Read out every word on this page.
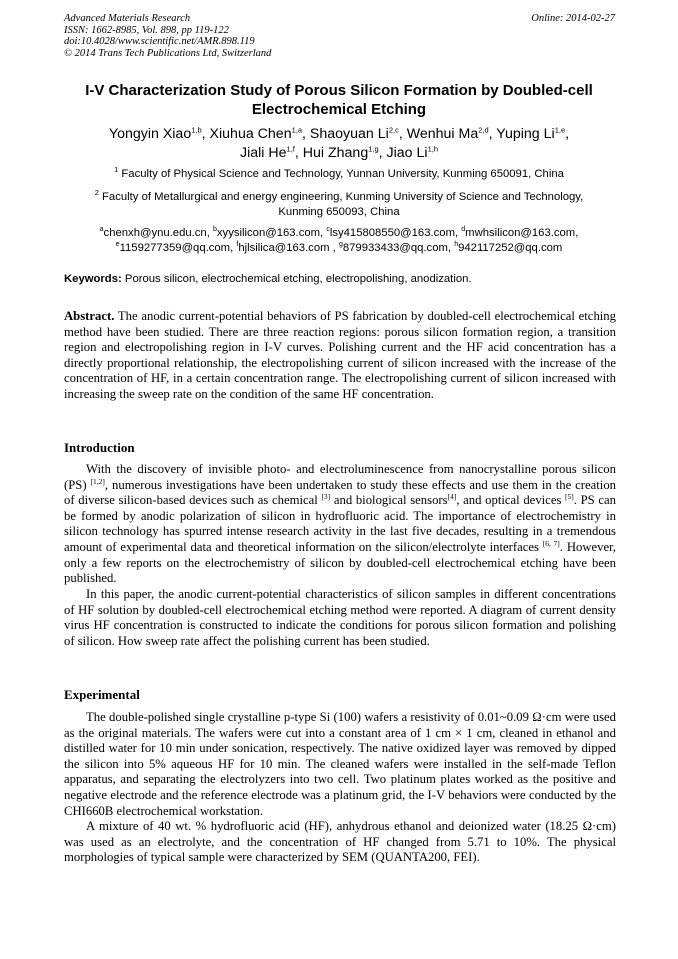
Advanced Materials Research
ISSN: 1662-8985, Vol. 898, pp 119-122
doi:10.4028/www.scientific.net/AMR.898.119
© 2014 Trans Tech Publications Ltd, Switzerland
Online: 2014-02-27
I-V Characterization Study of Porous Silicon Formation by Doubled-cell
Electrochemical Etching
Yongyin Xiao$^{1,b}$, Xiuhua Chen$^{1,a}$, Shaoyuan Li$^{2,c}$, Wenhui Ma$^{2,d}$, Yuping Li$^{1,e}$,
Jiali He$^{1,f}$, Hui Zhang$^{1,g}$, Jiao Li$^{1,h}$
$^1$ Faculty of Physical Science and Technology, Yunnan University, Kunming 650091, China
$^2$ Faculty of Metallurgical and energy engineering, Kunming University of Science and Technology,
Kunming 650093, China
$^a$chenxh@ynu.edu.cn, $^b$xyysilicon@163.com, $^c$lsy415808550@163.com, $^d$mwhsilicon@163.com,
$^e$1159277359@qq.com, $^f$hjlsilica@163.com , $^g$879933433@qq.com, $^h$942117252@qq.com
Keywords: Porous silicon, electrochemical etching, electropolishing, anodization.
Abstract. The anodic current-potential behaviors of PS fabrication by doubled-cell electrochemical etching method have been studied. There are three reaction regions: porous silicon formation region, a transition region and electropolishing region in I-V curves. Polishing current and the HF acid concentration has a directly proportional relationship, the electropolishing current of silicon increased with the increase of the concentration of HF, in a certain concentration range. The electropolishing current of silicon increased with increasing the sweep rate on the condition of the same HF concentration.
Introduction
With the discovery of invisible photo- and electroluminescence from nanocrystalline porous silicon (PS) [1,2], numerous investigations have been undertaken to study these effects and use them in the creation of diverse silicon-based devices such as chemical [3] and biological sensors[4], and optical devices [5]. PS can be formed by anodic polarization of silicon in hydrofluoric acid. The importance of electrochemistry in silicon technology has spurred intense research activity in the last five decades, resulting in a tremendous amount of experimental data and theoretical information on the silicon/electrolyte interfaces [6, 7]. However, only a few reports on the electrochemistry of silicon by doubled-cell electrochemical etching have been published.
In this paper, the anodic current-potential characteristics of silicon samples in different concentrations of HF solution by doubled-cell electrochemical etching method were reported. A diagram of current density virus HF concentration is constructed to indicate the conditions for porous silicon formation and polishing of silicon. How sweep rate affect the polishing current has been studied.
Experimental
The double-polished single crystalline p-type Si (100) wafers a resistivity of 0.01~0.09 Ω·cm were used as the original materials. The wafers were cut into a constant area of 1 cm × 1 cm, cleaned in ethanol and distilled water for 10 min under sonication, respectively. The native oxidized layer was removed by dipped the silicon into 5% aqueous HF for 10 min. The cleaned wafers were installed in the self-made Teflon apparatus, and separating the electrolyzers into two cell. Two platinum plates worked as the positive and negative electrode and the reference electrode was a platinum grid, the I-V behaviors were conducted by the CHI660B electrochemical workstation.
A mixture of 40 wt. % hydrofluoric acid (HF), anhydrous ethanol and deionized water (18.25 Ω·cm) was used as an electrolyte, and the concentration of HF changed from 5.71 to 10%. The physical morphologies of typical sample were characterized by SEM (QUANTA200, FEI).
